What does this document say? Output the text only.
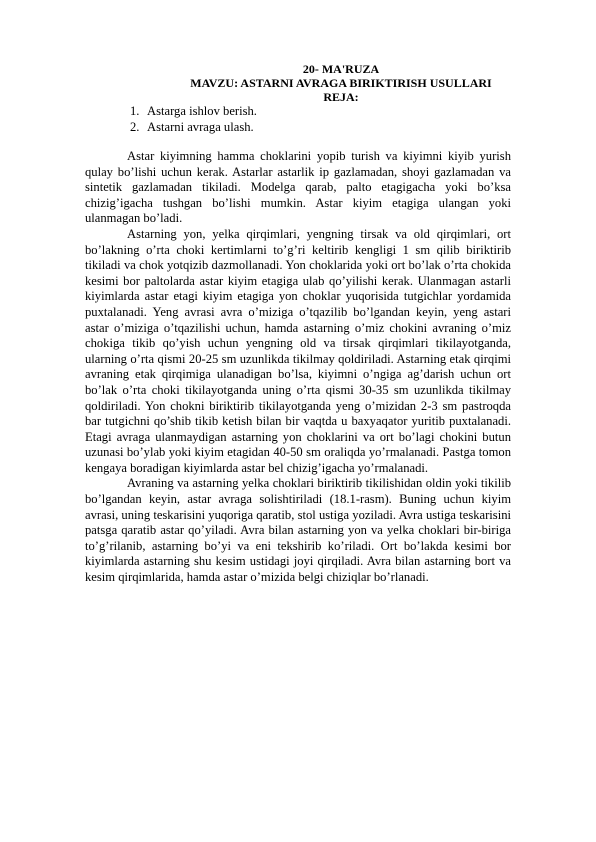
20- MA'RUZA
MAVZU: ASTARNI AVRAGA BIRIKTIRISH USULLARI
REJA:
1. Astarga ishlov berish.
2. Astarni avraga ulash.

Astar kiyimning hamma choklarini yopib turish va kiyimni kiyib yurish qulay bo’lishi uchun kerak. Astarlar astarlik ip gazlamadan, shoyi gazlamadan va sintetik gazlamadan tikiladi. Modelga qarab, palto etagigacha yoki bo’ksa chizig’igacha tushgan bo’lishi mumkin. Astar kiyim etagiga ulangan yoki ulanmagan bo’ladi.

Astarning yon, yelka qirqimlari, yengning tirsak va old qirqimlari, ort bo’lakning o’rta choki kertimlarni to’g’ri keltirib kengligi 1 sm qilib biriktirib tikiladi va chok yotqizib dazmollanadi. Yon choklarida yoki ort bo’lak o’rta chokida kesimi bor paltolarda astar kiyim etagiga ulab qo’yilishi kerak. Ulanmagan astarli kiyimlarda astar etagi kiyim etagiga yon choklar yuqorisida tutgichlar yordamida puxtalanadi. Yeng avrasi avra o’miziga o’tqazilib bo’lgandan keyin, yeng astari astar o’miziga o’tqazilishi uchun, hamda astarning o’miz chokini avraning o’miz chokiga tikib qo’yish uchun yengning old va tirsak qirqimlari tikilayotganda, ularning o’rta qismi 20-25 sm uzunlikda tikilmay qoldiriladi. Astarning etak qirqimi avraning etak qirqimiga ulanadigan bo’lsa, kiyimni o’ngiga ag’darish uchun ort bo’lak o’rta choki tikilayotganda uning o’rta qismi 30-35 sm uzunlikda tikilmay qoldiriladi. Yon chokni biriktirib tikilayotganda yeng o’mizidan 2-3 sm pastroqda bar tutgichni qo’shib tikib ketish bilan bir vaqtda u baxyaqator yuritib puxtalanadi. Etagi avraga ulanmaydigan astarning yon choklarini va ort bo’lagi chokini butun uzunasi bo’ylab yoki kiyim etagidan 40-50 sm oraliqda yo’rmalanadi. Pastga tomon kengaya boradigan kiyimlarda astar bel chizig’igacha yo’rmalanadi.

Avraning va astarning yelka choklari biriktirib tikilishidan oldin yoki tikilib bo’lgandan keyin, astar avraga solishtiriladi (18.1-rasm). Buning uchun kiyim avrasi, uning teskarisini yuqoriga qaratib, stol ustiga yoziladi. Avra ustiga teskarisini patsga qaratib astar qo’yiladi. Avra bilan astarning yon va yelka choklari bir-biriga to’g’rilanib, astarning bo’yi va eni tekshirib ko’riladi. Ort bo’lakda kesimi bor kiyimlarda astarning shu kesim ustidagi joyi qirqiladi. Avra bilan astarning bort va kesim qirqimlarida, hamda astar o’mizida belgi chiziqlar bo’rlanadi.
